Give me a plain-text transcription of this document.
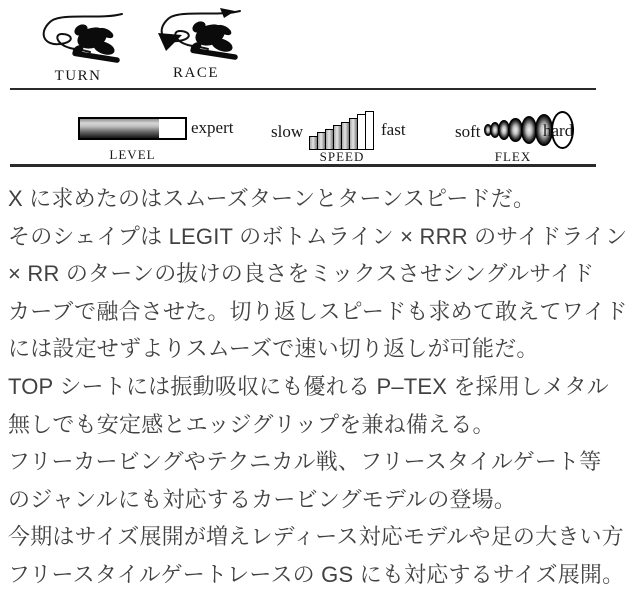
TURN	RACE
expert
LEVEL
slow	fast
SPEED
soft	hard
FLEX
X に求めたのはスムーズターンとターンスピードだ。
そのシェイプは LEGIT のボトムライン × RRR のサイドライン
× RR のターンの抜けの良さをミックスさせシングルサイド
カーブで融合させた。切り返しスピードも求めて敢えてワイド
には設定せずよりスムーズで速い切り返しが可能だ。
TOP シートには振動吸収にも優れる P–TEX を採用しメタル
無しでも安定感とエッジグリップを兼ね備える。
フリーカービングやテクニカル戦、フリースタイルゲート等
のジャンルにも対応するカービングモデルの登場。
今期はサイズ展開が増えレディース対応モデルや足の大きい方
フリースタイルゲートレースの GS にも対応するサイズ展開。
